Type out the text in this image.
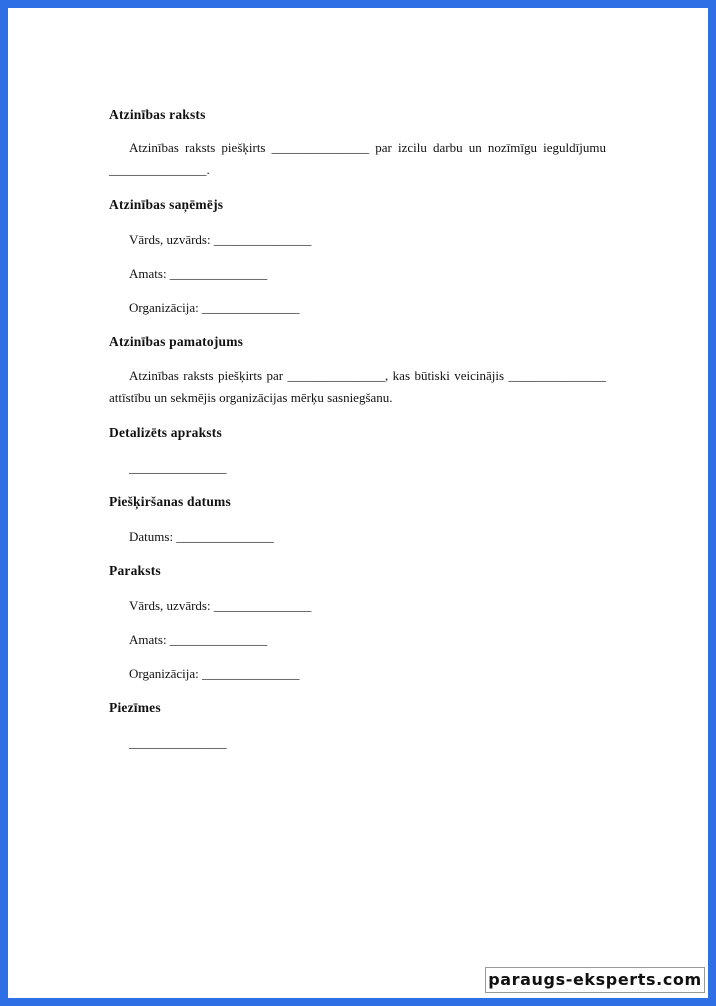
Atzinības raksts
Atzinības raksts piešķirts _______________ par izcilu darbu un nozīmīgu ieguldījumu _______________.
Atzinības saņēmējs
Vārds, uzvārds: _______________
Amats: _______________
Organizācija: _______________
Atzinības pamatojums
Atzinības raksts piešķirts par _______________, kas būtiski veicinājis _______________ attīstību un sekmējis organizācijas mērķu sasniegšanu.
Detalizēts apraksts
_______________
Piešķiršanas datums
Datums: _______________
Paraksts
Vārds, uzvārds: _______________
Amats: _______________
Organizācija: _______________
Piezīmes
_______________
paraugs-eksperts.com
